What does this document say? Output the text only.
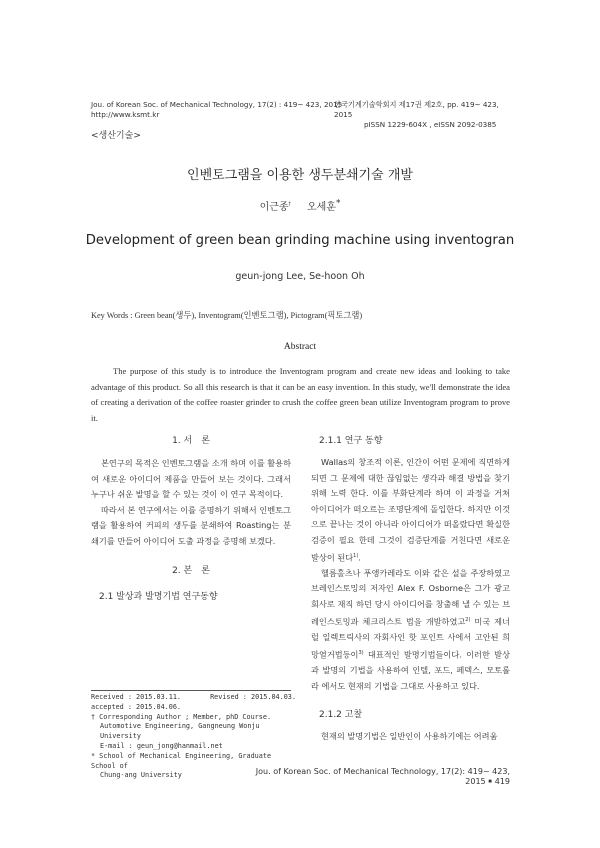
Jou. of Korean Soc. of Mechanical Technology, 17(2) : 419~ 423, 2015
http://www.ksmt.kr
한국기계기술학회지 제17권 제2호, pp. 419~ 423, 2015
pISSN 1229-604X , eISSN 2092-0385
<생산기술>
인벤토그램을 이용한 생두분쇄기술 개발
이근종† 오세훈*
Development of green bean grinding machine using inventogran
geun-jong Lee, Se-hoon Oh
Key Words : Green bean(생두), Inventogram(인벤토그램), Pictogram(픽토그램)
Abstract
The purpose of this study is to introduce the Inventogram program and create new ideas and looking to take advantage of this product. So all this research is that it can be an easy invention. In this study, we'll demonstrate the idea of creating a derivation of the coffee roaster grinder to crush the coffee green bean utilize Inventogram program to prove it.
1. 서　론

본연구의 목적은 인벤토그램을 소개 하며 이를 활용하여 새로운 아이디어 제품을 만들어 보는 것이다. 그래서 누구나 쉬운 발명을 할 수 있는 것이 이 연구 목적이다.

따라서 본 연구에서는 이를 증명하기 위해서 인벤토그램을 활용하여 커피의 생두를 분쇄하여 Roasting는 분쇄기를 만들어 아이디어 도출 과정을 증명해 보겠다.

2. 본　론
2.1 발상과 발명기법 연구동향
Received : 2015.03.11.	Revised : 2015.04.03.
accepted : 2015.04.06.
† Corresponding Author ; Member, phD Course.
Automotive Engineering, Gangneung Wonju University
E-mail : geun_jong@hanmail.net
* School of Mechanical Engineering, Graduate School of
Chung-ang University
2.1.1 연구 동향

Wallas의 창조적 이론, 인간이 어떤 문제에 직면하게 되면 그 문제에 대한 끊임없는 생각과 해결 방법을 찾기 위해 노력 한다. 이를 부화단계라 하며 이 과정을 거쳐 아이디어가 떠오르는 조명단계에 돌입한다. 하지만 이것으로 끝나는 것이 아니라 아이디어가 떠올랐다면 확실한 검증이 필요 한데 그것이 검증단계를 거친다면 새로운 발상이 된다$^{1)}$.

헬름홀츠나 푸앵카레라도 이와 같은 설을 주장하였고 브레인스토밍의 저자인 Alex F. Osborne은 그가 광고회사로 재직 하던 당시 아이디어를 창출해 낼 수 있는 브레인스토밍과 체크리스트 법을 개발하였고$^{2)}$ 미국 제너럴 일렉트릭사의 자회사인 핫 포인트 사에서 고안된 희망열거법등이$^{3)}$ 대표적인 발명기법들이다. 이러한 발상과 발명의 기법을 사용하여 인텔, 포드, 페덱스, 모토롤라 에서도 현재의 기법을 그대로 사용하고 있다.

2.1.2 고찰

현재의 발명기법은 일반인이 사용하기에는 어려움

Jou. of Korean Soc. of Mechanical Technology, 17(2): 419~ 423, 2015 ￭ 419
